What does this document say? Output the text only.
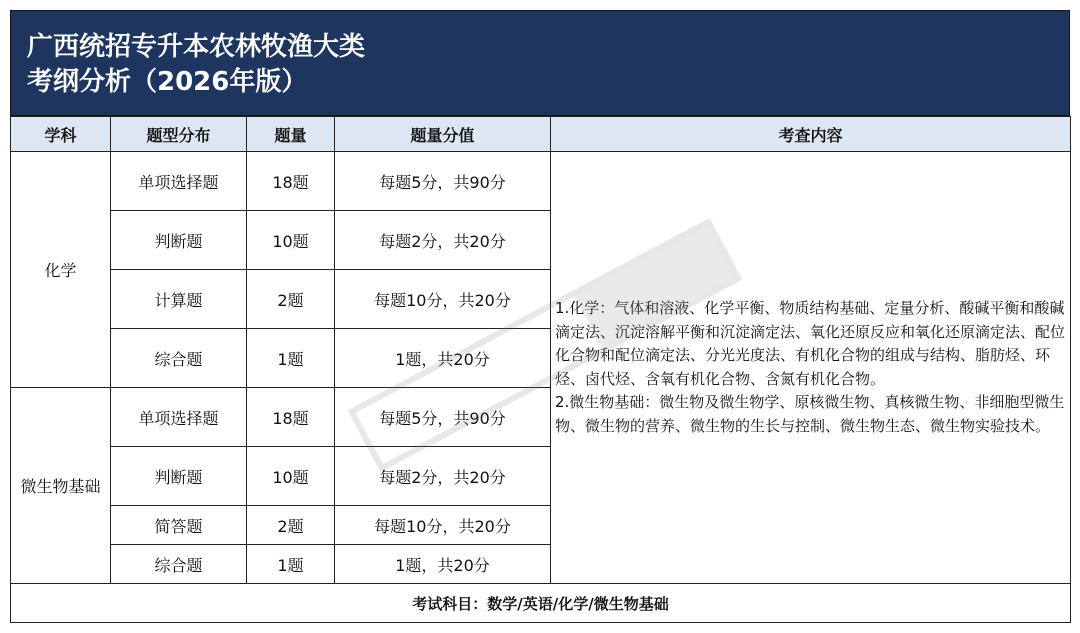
广西统招专升本农林牧渔大类
考纲分析（2026年版）
学科	题型分布	题量	题量分值	考查内容
化学	单项选择题	18题	每题5分，共90分	1.化学：气体和溶液、化学平衡、物质结构基础、定量分析、酸碱平衡和酸碱滴定法、沉淀溶解平衡和沉淀滴定法、氧化还原反应和氧化还原滴定法、配位化合物和配位滴定法、分光光度法、有机化合物的组成与结构、脂肪烃、环烃、卤代烃、含氧有机化合物、含氮有机化合物。

2.微生物基础：微生物及微生物学、原核微生物、真核微生物、非细胞型微生物、微生物的营养、微生物的生长与控制、微生物生态、微生物实验技术。

	判断题	10题	每题2分，共20分	
	计算题	2题	每题10分，共20分	
	综合题	1题	1题，共20分	
微生物基础	单项选择题	18题	每题5分，共90分	
	判断题	10题	每题2分，共20分	
	简答题	2题	每题10分，共20分	
	综合题	1题	1题，共20分	
考试科目：数学/英语/化学/微生物基础				
